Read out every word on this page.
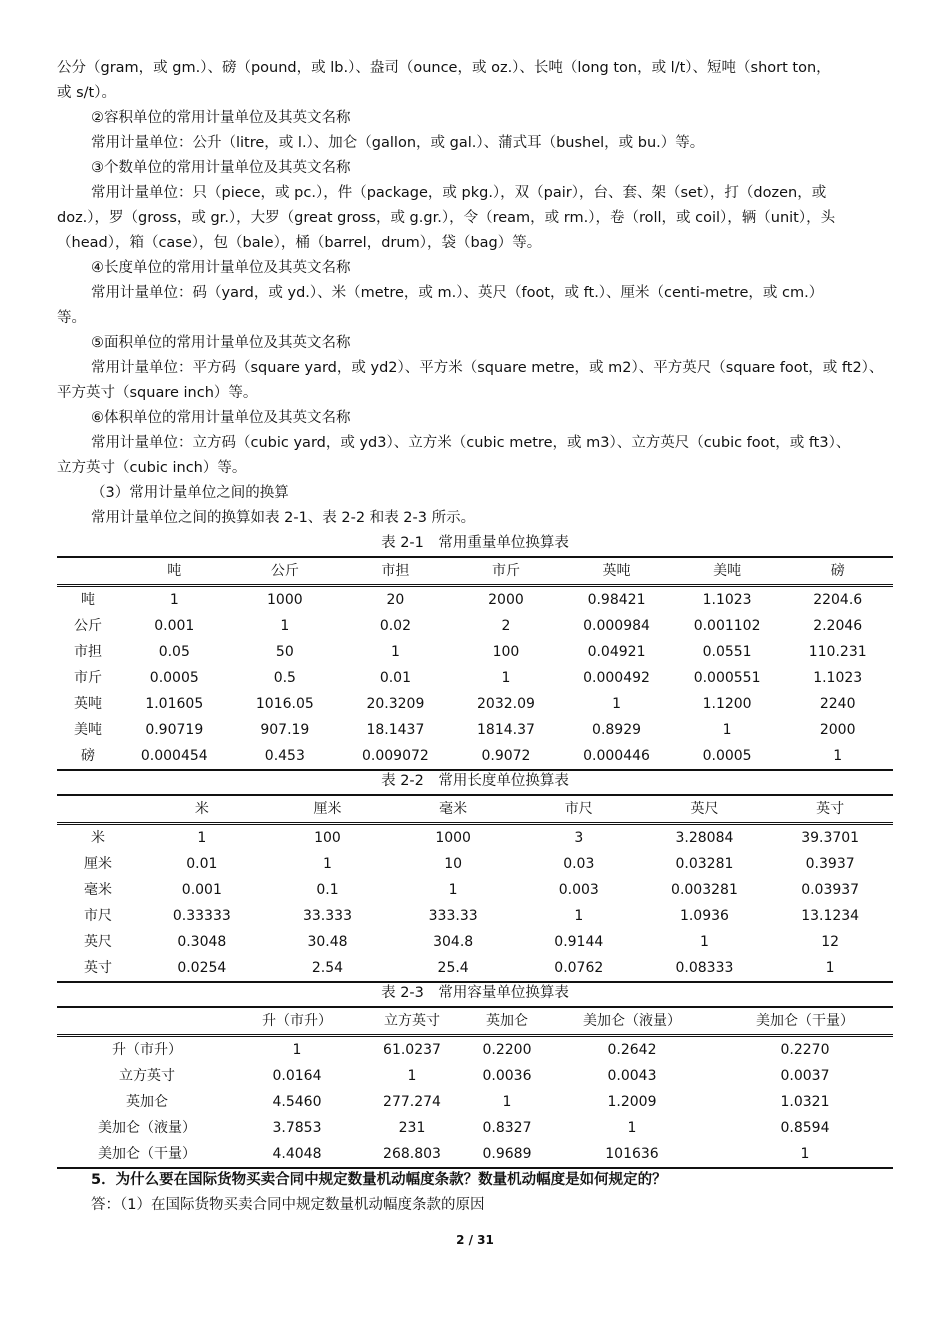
公分（gram，或 gm.）、磅（pound，或 lb.）、盎司（ounce，或 oz.）、长吨（long ton，或 l/t）、短吨（short ton，
或 s/t）。
②容积单位的常用计量单位及其英文名称
常用计量单位：公升（litre，或 l.）、加仑（gallon，或 gal.）、蒲式耳（bushel，或 bu.）等。
③个数单位的常用计量单位及其英文名称
常用计量单位：只（piece，或 pc.），件（package，或 pkg.），双（pair），台、套、架（set），打（dozen，或
doz.），罗（gross，或 gr.），大罗（great gross，或 g.gr.），令（ream，或 rm.），卷（roll，或 coil），辆（unit），头
（head），箱（case），包（bale），桶（barrel，drum），袋（bag）等。
④长度单位的常用计量单位及其英文名称
常用计量单位：码（yard，或 yd.）、米（metre，或 m.）、英尺（foot，或 ft.）、厘米（centi-metre，或 cm.）
等。
⑤面积单位的常用计量单位及其英文名称
常用计量单位：平方码（square yard，或 yd2）、平方米（square metre，或 m2）、平方英尺（square foot，或 ft2）、
平方英寸（square inch）等。
⑥体积单位的常用计量单位及其英文名称
常用计量单位：立方码（cubic yard，或 yd3）、立方米（cubic metre，或 m3）、立方英尺（cubic foot，或 ft3）、
立方英寸（cubic inch）等。
（3）常用计量单位之间的换算
常用计量单位之间的换算如表 2-1、表 2-2 和表 2-3 所示。
表 2-1　常用重量单位换算表
	吨	公斤	市担	市斤	英吨	美吨	磅
吨	1	1000	20	2000	0.98421	1.1023	2204.6
公斤	0.001	1	0.02	2	0.000984	0.001102	2.2046
市担	0.05	50	1	100	0.04921	0.0551	110.231
市斤	0.0005	0.5	0.01	1	0.000492	0.000551	1.1023
英吨	1.01605	1016.05	20.3209	2032.09	1	1.1200	2240
美吨	0.90719	907.19	18.1437	1814.37	0.8929	1	2000
磅	0.000454	0.453	0.009072	0.9072	0.000446	0.0005	1
表 2-2　常用长度单位换算表
	米	厘米	毫米	市尺	英尺	英寸
米	1	100	1000	3	3.28084	39.3701
厘米	0.01	1	10	0.03	0.03281	0.3937
毫米	0.001	0.1	1	0.003	0.003281	0.03937
市尺	0.33333	33.333	333.33	1	1.0936	13.1234
英尺	0.3048	30.48	304.8	0.9144	1	12
英寸	0.0254	2.54	25.4	0.0762	0.08333	1
表 2-3　常用容量单位换算表
	升（市升）	立方英寸	英加仑	美加仑（液量）	美加仑（干量）
升（市升）	1	61.0237	0.2200	0.2642	0.2270
立方英寸	0.0164	1	0.0036	0.0043	0.0037
英加仑	4.5460	277.274	1	1.2009	1.0321
美加仑（液量）	3.7853	231	0.8327	1	0.8594
美加仑（干量）	4.4048	268.803	0.9689	101636	1
5．为什么要在国际货物买卖合同中规定数量机动幅度条款？数量机动幅度是如何规定的？
答：（1）在国际货物买卖合同中规定数量机动幅度条款的原因
2 / 31
